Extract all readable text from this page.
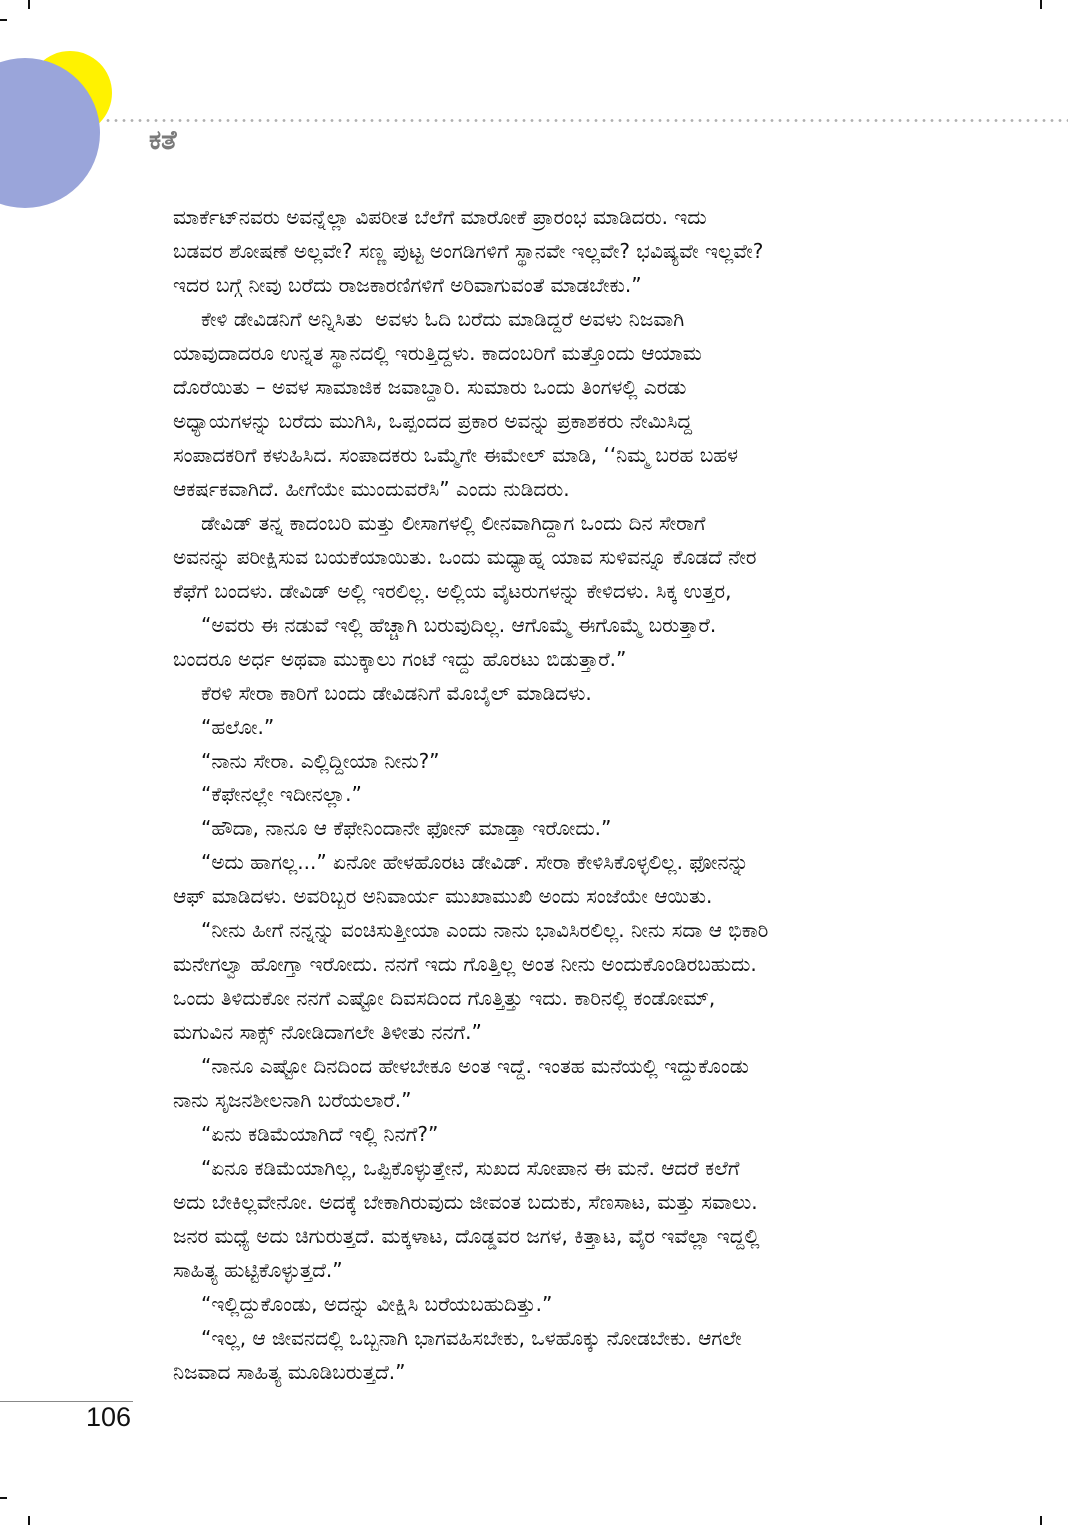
ಕತೆ
ಮಾರ್ಕೆಟ್‌ನವರು ಅವನ್ನೆಲ್ಲಾ ವಿಪರೀತ ಬೆಲೆಗೆ ಮಾರೋಕೆ ಪ್ರಾರಂಭ ಮಾಡಿದರು. ಇದು
ಬಡವರ ಶೋಷಣೆ ಅಲ್ಲವೇ? ಸಣ್ಣ ಪುಟ್ಟ ಅಂಗಡಿಗಳಿಗೆ ಸ್ಥಾನವೇ ಇಲ್ಲವೇ? ಭವಿಷ್ಯವೇ ಇಲ್ಲವೇ?
ಇದರ ಬಗ್ಗೆ ನೀವು ಬರೆದು ರಾಜಕಾರಣಿಗಳಿಗೆ ಅರಿವಾಗುವಂತೆ ಮಾಡಬೇಕು.”
ಕೇಳಿ ಡೇವಿಡನಿಗೆ ಅನ್ನಿಸಿತು  ಅವಳು ಓದಿ ಬರೆದು ಮಾಡಿದ್ದರೆ ಅವಳು ನಿಜವಾಗಿ
ಯಾವುದಾದರೂ ಉನ್ನತ ಸ್ಥಾನದಲ್ಲಿ ಇರುತ್ತಿದ್ದಳು. ಕಾದಂಬರಿಗೆ ಮತ್ತೊಂದು ಆಯಾಮ
ದೊರೆಯಿತು – ಅವಳ ಸಾಮಾಜಿಕ ಜವಾಬ್ದಾರಿ. ಸುಮಾರು ಒಂದು ತಿಂಗಳಲ್ಲಿ ಎರಡು
ಅಧ್ಯಾಯಗಳನ್ನು ಬರೆದು ಮುಗಿಸಿ, ಒಪ್ಪಂದದ ಪ್ರಕಾರ ಅವನ್ನು ಪ್ರಕಾಶಕರು ನೇಮಿಸಿದ್ದ
ಸಂಪಾದಕರಿಗೆ ಕಳುಹಿಸಿದ. ಸಂಪಾದಕರು ಒಮ್ಮೆಗೇ ಈಮೇಲ್ ಮಾಡಿ, ‘‘ನಿಮ್ಮ ಬರಹ ಬಹಳ
ಆಕರ್ಷಕವಾಗಿದೆ. ಹೀಗೆಯೇ ಮುಂದುವರೆಸಿ” ಎಂದು ನುಡಿದರು.
ಡೇವಿಡ್ ತನ್ನ ಕಾದಂಬರಿ ಮತ್ತು ಲೀಸಾಗಳಲ್ಲಿ ಲೀನವಾಗಿದ್ದಾಗ ಒಂದು ದಿನ ಸೇರಾಗೆ
ಅವನನ್ನು ಪರೀಕ್ಷಿಸುವ ಬಯಕೆಯಾಯಿತು. ಒಂದು ಮಧ್ಯಾಹ್ನ ಯಾವ ಸುಳಿವನ್ನೂ ಕೊಡದೆ ನೇರ
ಕೆಫೆಗೆ ಬಂದಳು. ಡೇವಿಡ್ ಅಲ್ಲಿ ಇರಲಿಲ್ಲ. ಅಲ್ಲಿಯ ವೈಟರುಗಳನ್ನು ಕೇಳಿದಳು. ಸಿಕ್ಕ ಉತ್ತರ,
“ಅವರು ಈ ನಡುವೆ ಇಲ್ಲಿ ಹೆಚ್ಚಾಗಿ ಬರುವುದಿಲ್ಲ. ಆಗೊಮ್ಮೆ ಈಗೊಮ್ಮೆ ಬರುತ್ತಾರೆ.
ಬಂದರೂ ಅರ್ಧ ಅಥವಾ ಮುಕ್ಕಾಲು ಗಂಟೆ ಇದ್ದು ಹೊರಟು ಬಿಡುತ್ತಾರೆ.”
ಕೆರಳಿ ಸೇರಾ ಕಾರಿಗೆ ಬಂದು ಡೇವಿಡನಿಗೆ ಮೊಬೈಲ್ ಮಾಡಿದಳು.
“ಹಲೋ.”
“ನಾನು ಸೇರಾ. ಎಲ್ಲಿದ್ದೀಯಾ ನೀನು?”
“ಕೆಫೇನಲ್ಲೇ ಇದೀನಲ್ಲಾ.”
“ಹೌದಾ, ನಾನೂ ಆ ಕೆಫೇನಿಂದಾನೇ ಫೋನ್ ಮಾಡ್ತಾ ಇರೋದು.”
“ಅದು ಹಾಗಲ್ಲ...” ಏನೋ ಹೇಳಹೊರಟ ಡೇವಿಡ್. ಸೇರಾ ಕೇಳಿಸಿಕೊಳ್ಳಲಿಲ್ಲ. ಫೋನನ್ನು
ಆಫ್ ಮಾಡಿದಳು. ಅವರಿಬ್ಬರ ಅನಿವಾರ್ಯ ಮುಖಾಮುಖಿ ಅಂದು ಸಂಜೆಯೇ ಆಯಿತು.
“ನೀನು ಹೀಗೆ ನನ್ನನ್ನು ವಂಚಿಸುತ್ತೀಯಾ ಎಂದು ನಾನು ಭಾವಿಸಿರಲಿಲ್ಲ. ನೀನು ಸದಾ ಆ ಭಿಕಾರಿ
ಮನೇಗಲ್ವಾ ಹೋಗ್ತಾ ಇರೋದು. ನನಗೆ ಇದು ಗೊತ್ತಿಲ್ಲ ಅಂತ ನೀನು ಅಂದುಕೊಂಡಿರಬಹುದು.
ಒಂದು ತಿಳಿದುಕೋ ನನಗೆ ಎಷ್ಟೋ ದಿವಸದಿಂದ ಗೊತ್ತಿತ್ತು ಇದು. ಕಾರಿನಲ್ಲಿ ಕಂಡೋಮ್,
ಮಗುವಿನ ಸಾಕ್ಸ್ ನೋಡಿದಾಗಲೇ ತಿಳೀತು ನನಗೆ.”
“ನಾನೂ ಎಷ್ಟೋ ದಿನದಿಂದ ಹೇಳಬೇಕೂ ಅಂತ ಇದ್ದೆ. ಇಂತಹ ಮನೆಯಲ್ಲಿ ಇದ್ದುಕೊಂಡು
ನಾನು ಸೃಜನಶೀಲನಾಗಿ ಬರೆಯಲಾರೆ.”
“ಏನು ಕಡಿಮೆಯಾಗಿದೆ ಇಲ್ಲಿ ನಿನಗೆ?”
“ಏನೂ ಕಡಿಮೆಯಾಗಿಲ್ಲ, ಒಪ್ಪಿಕೊಳ್ಳುತ್ತೇನೆ, ಸುಖದ ಸೋಪಾನ ಈ ಮನೆ. ಆದರೆ ಕಲೆಗೆ
ಅದು ಬೇಕಿಲ್ಲವೇನೋ. ಅದಕ್ಕೆ ಬೇಕಾಗಿರುವುದು ಜೀವಂತ ಬದುಕು, ಸೆಣಸಾಟ, ಮತ್ತು ಸವಾಲು.
ಜನರ ಮಧ್ಯೆ ಅದು ಚಿಗುರುತ್ತದೆ. ಮಕ್ಕಳಾಟ, ದೊಡ್ಡವರ ಜಗಳ, ಕಿತ್ತಾಟ, ವೈರ ಇವೆಲ್ಲಾ ಇದ್ದಲ್ಲಿ
ಸಾಹಿತ್ಯ ಹುಟ್ಟಿಕೊಳ್ಳುತ್ತದೆ.”
“ಇಲ್ಲಿದ್ದುಕೊಂಡು, ಅದನ್ನು ವೀಕ್ಷಿಸಿ ಬರೆಯಬಹುದಿತ್ತು.”
“ಇಲ್ಲ, ಆ ಜೀವನದಲ್ಲಿ ಒಬ್ಬನಾಗಿ ಭಾಗವಹಿಸಬೇಕು, ಒಳಹೊಕ್ಕು ನೋಡಬೇಕು. ಆಗಲೇ
ನಿಜವಾದ ಸಾಹಿತ್ಯ ಮೂಡಿಬರುತ್ತದೆ.”
106
